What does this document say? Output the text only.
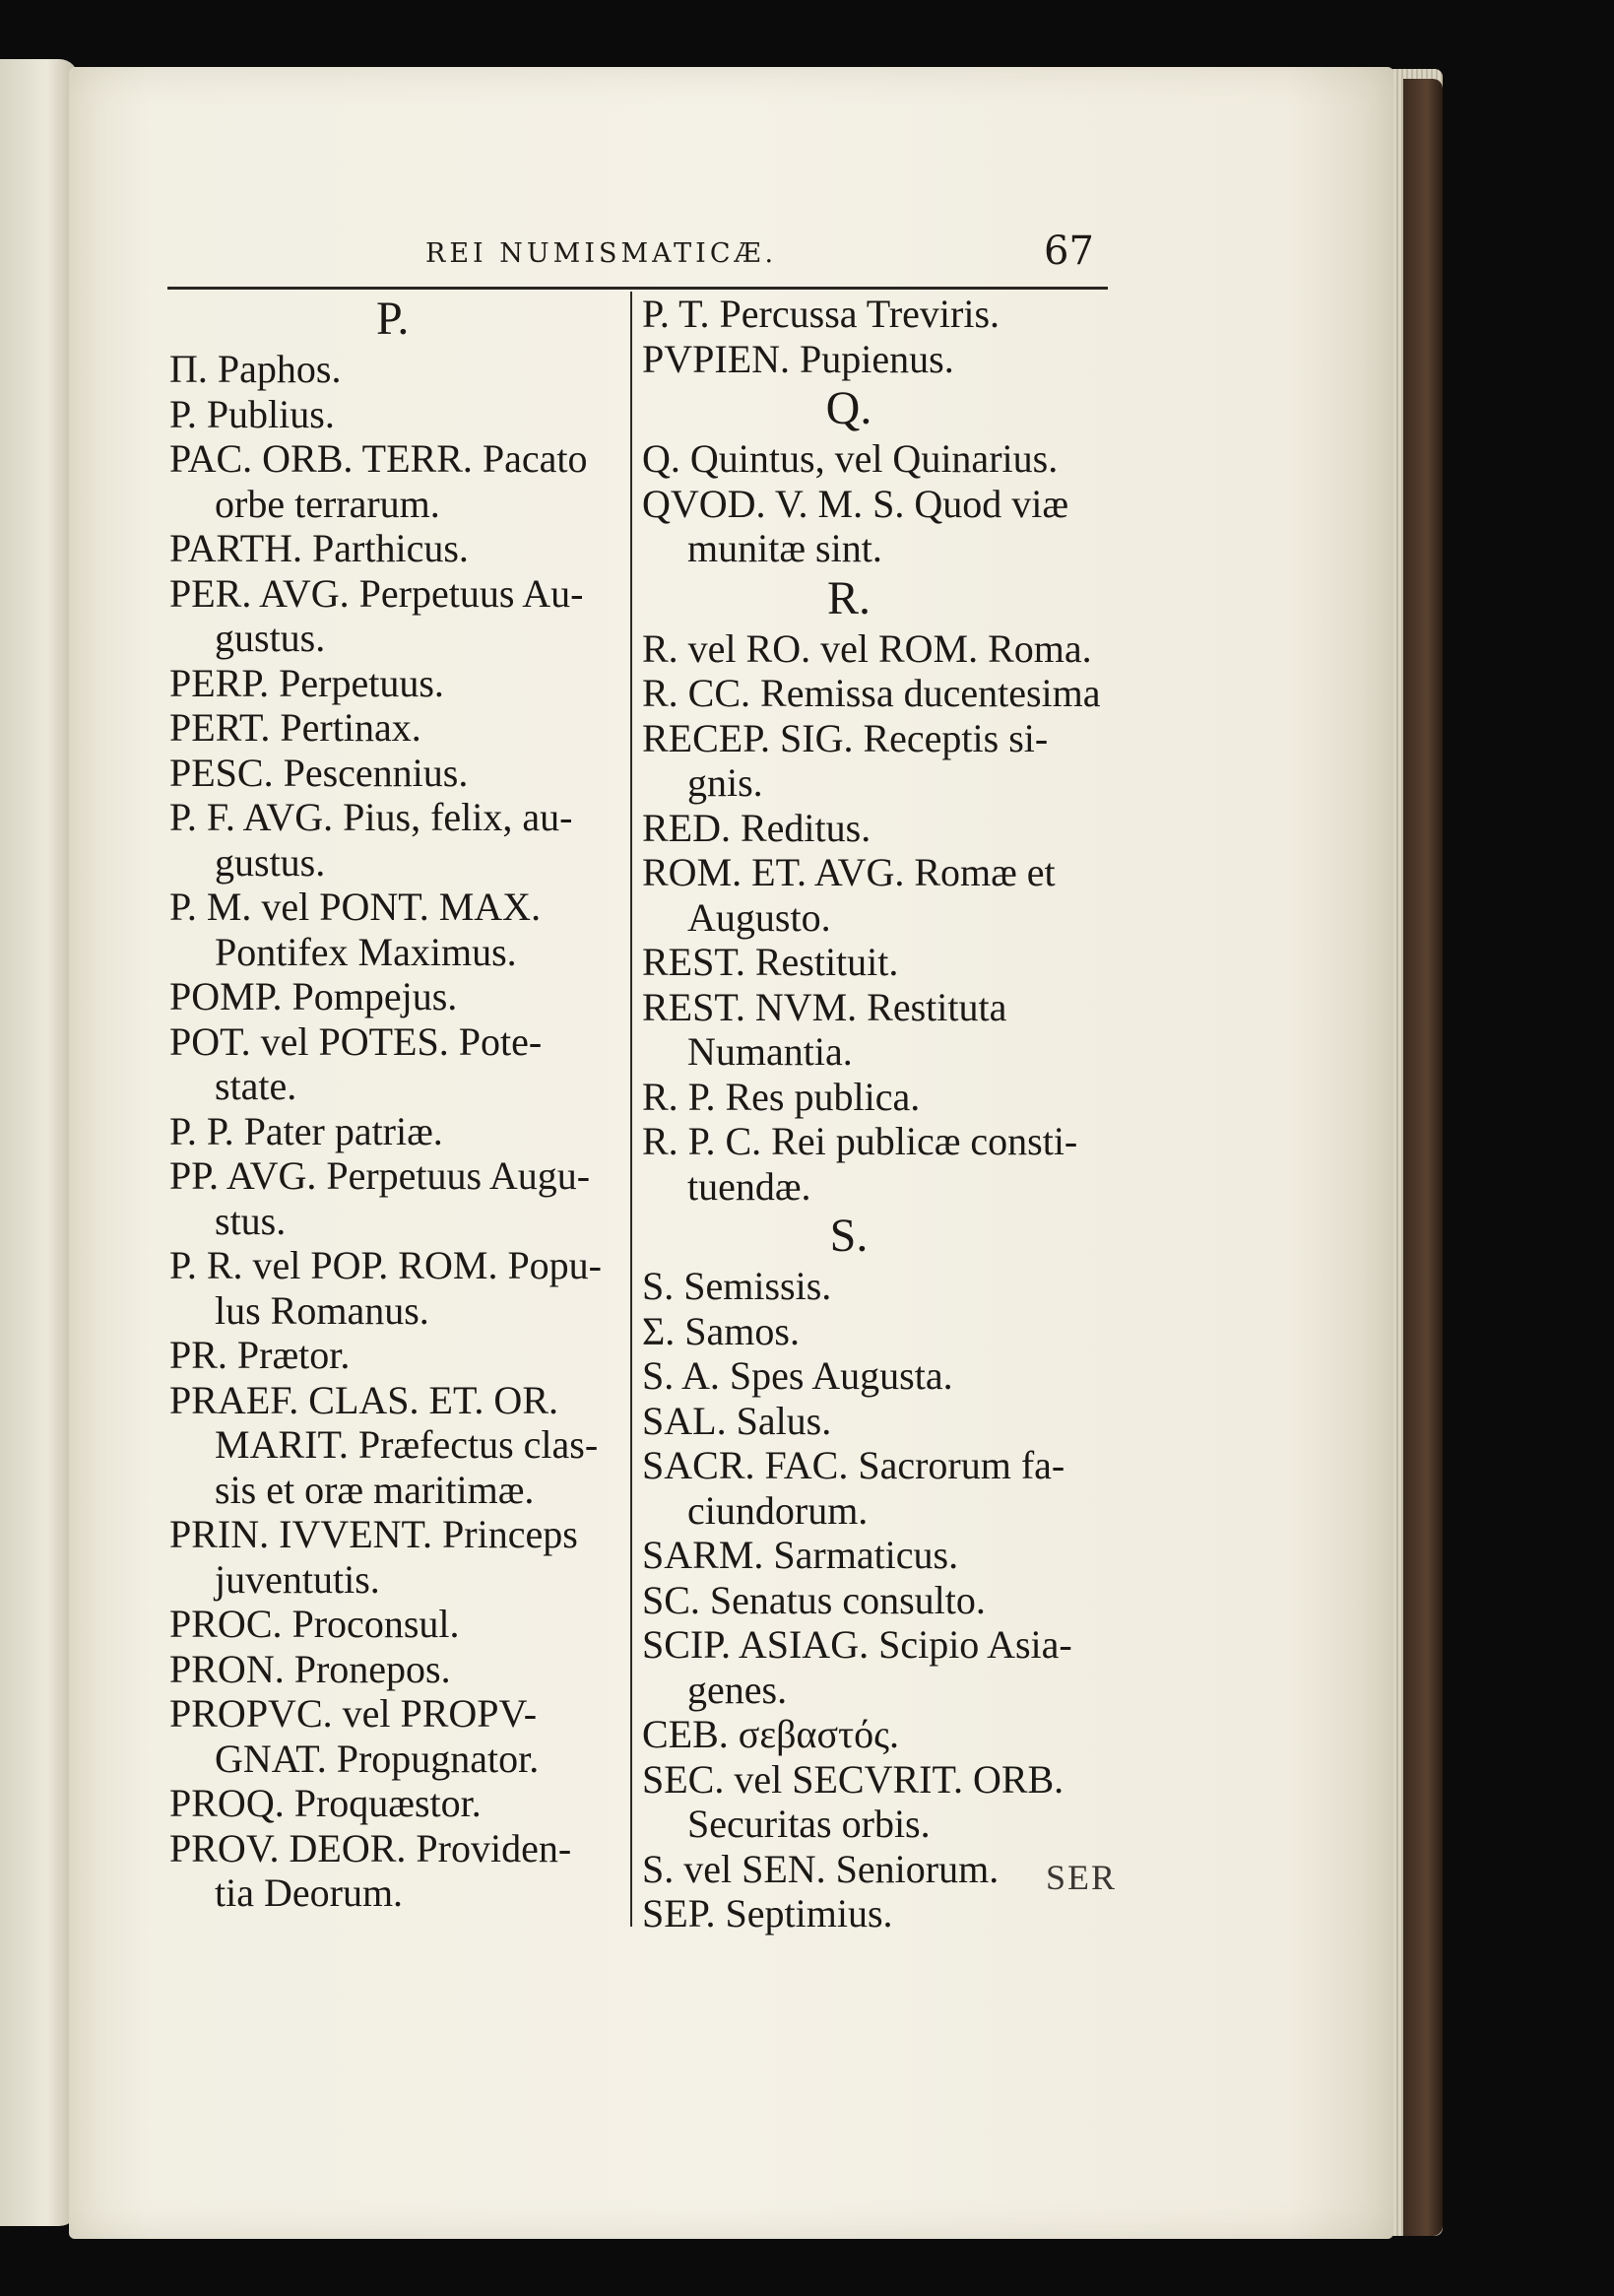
REI NUMISMATICÆ.	67
P.
Π. Paphos.
P. Publius.
PAC. ORB. TERR. Pacato
orbe terrarum.
PARTH. Parthicus.
PER. AVG. Perpetuus Au-
gustus.
PERP. Perpetuus.
PERT. Pertinax.
PESC. Pescennius.
P. F. AVG. Pius, felix, au-
gustus.
P. M. vel PONT. MAX.
Pontifex Maximus.
POMP. Pompejus.
POT. vel POTES. Pote-
state.
P. P. Pater patriæ.
PP. AVG. Perpetuus Augu-
stus.
P. R. vel POP. ROM. Popu-
lus Romanus.
PR. Prætor.
PRAEF. CLAS. ET. OR.
MARIT. Præfectus clas-
sis et oræ maritimæ.
PRIN. IVVENT. Princeps
juventutis.
PROC. Proconsul.
PRON. Pronepos.
PROPVC. vel PROPV-
GNAT. Propugnator.
PROQ. Proquæstor.
PROV. DEOR. Providen-
tia Deorum.
P. T. Percussa Treviris.
PVPIEN. Pupienus.
Q.
Q. Quintus, vel Quinarius.
QVOD. V. M. S. Quod viæ
munitæ sint.
R.
R. vel RO. vel ROM. Roma.
R. CC. Remissa ducentesima
RECEP. SIG. Receptis si-
gnis.
RED. Reditus.
ROM. ET. AVG. Romæ et
Augusto.
REST. Restituit.
REST. NVM. Restituta
Numantia.
R. P. Res publica.
R. P. C. Rei publicæ consti-
tuendæ.
S.
S. Semissis.
Σ. Samos.
S. A. Spes Augusta.
SAL. Salus.
SACR. FAC. Sacrorum fa-
ciundorum.
SARM. Sarmaticus.
SC. Senatus consulto.
SCIP. ASIAG. Scipio Asia-
genes.
CEB. σεβαστός.
SEC. vel SECVRIT. ORB.
Securitas orbis.
S. vel SEN. Seniorum.
SEP. Septimius.
SER
